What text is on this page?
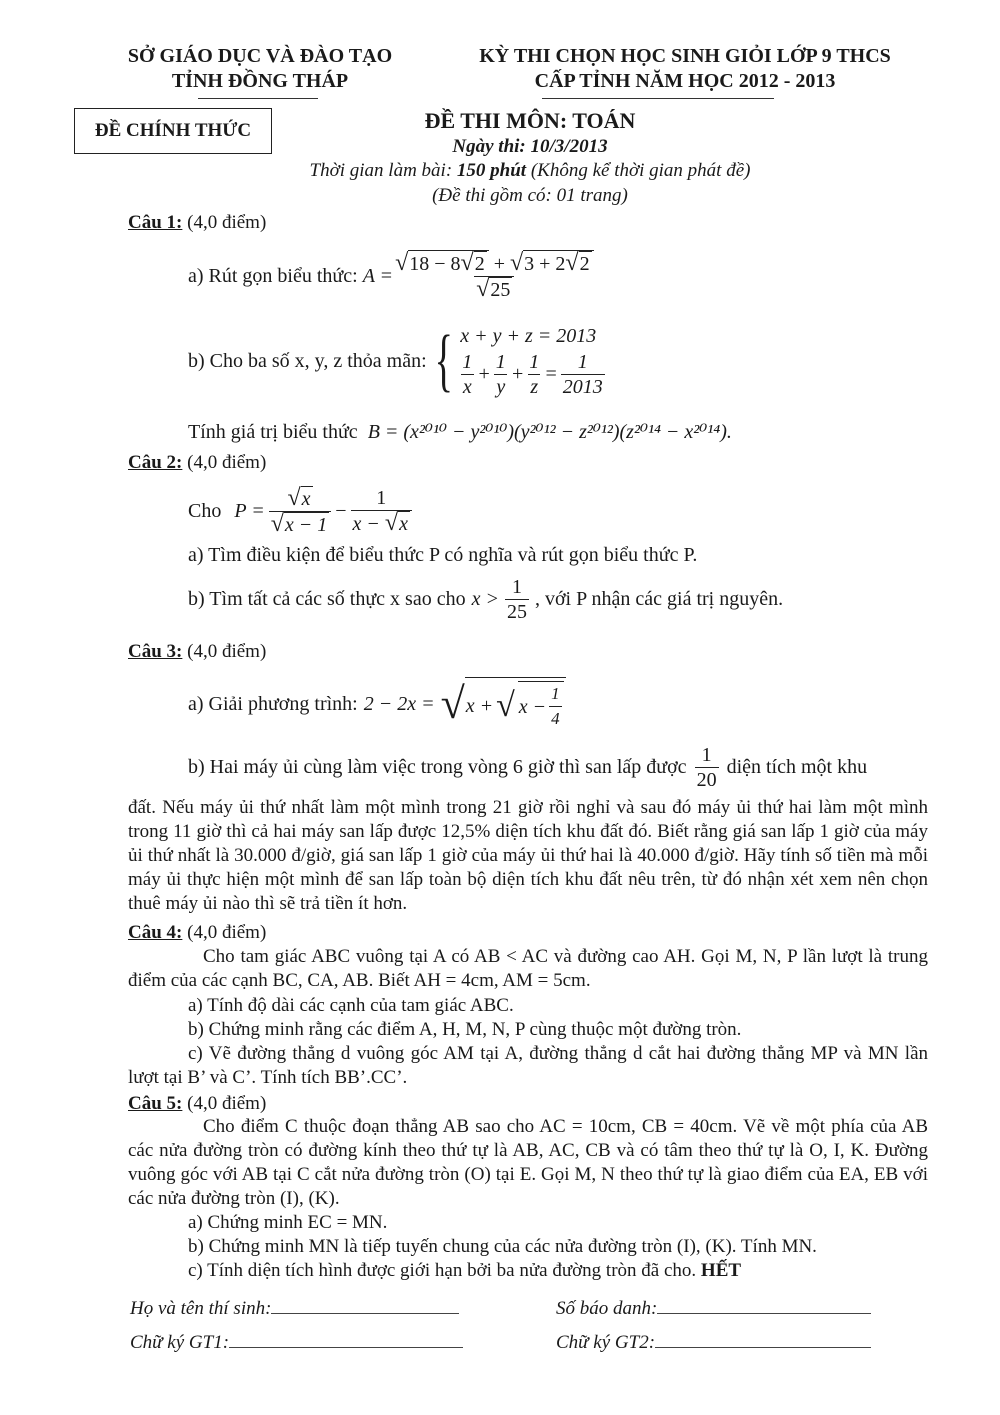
SỞ GIÁO DỤC VÀ ĐÀO TẠO
TỈNH ĐỒNG THÁP
KỲ THI CHỌN HỌC SINH GIỎI LỚP 9 THCS
CẤP TỈNH NĂM HỌC 2012 - 2013
ĐỀ CHÍNH THỨC	ĐỀ THI MÔN: TOÁN
Ngày thi: 10/3/2013
Thời gian làm bài: 150 phút (Không kể thời gian phát đề)
(Đề thi gồm có: 01 trang)
Câu 1: (4,0 điểm)
a) Rút gọn biểu thức:
$A = \frac{√18 - 8√2 + √3 + 2√2}{√25}$
b) Cho ba số x, y, z thỏa mãn: { x + y + z = 2013
$\frac{1}{x} + \frac{1}{y} + \frac{1}{z} = \frac{1}{2013}$
Tính giá trị biểu thức B = (x²⁰¹⁰ − y²⁰¹⁰)(y²⁰¹² − z²⁰¹²)(z²⁰¹⁴ − x²⁰¹⁴).
Câu 2: (4,0 điểm)
Cho
$P = \frac{√x}{√x - 1} - \frac{1}{x - √x}$
a) Tìm điều kiện để biểu thức P có nghĩa và rút gọn biểu thức P.
b) Tìm tất cả các số thực x sao cho $x > \frac{1}{25}$ , với P nhận các giá trị nguyên.
Câu 3: (4,0 điểm)
a) Giải phương trình: 2 − 2x = √ x + √ $x - \frac{1}{4}$
b) Hai máy ủi cùng làm việc trong vòng 6 giờ thì san lấp được $\frac{1}{20}$ diện tích một khu
đất. Nếu máy ủi thứ nhất làm một mình trong 21 giờ rồi nghỉ và sau đó máy ủi thứ hai làm một mình trong 11 giờ thì cả hai máy san lấp được 12,5% diện tích khu đất đó. Biết rằng giá san lấp 1 giờ của máy ủi thứ nhất là 30.000 đ/giờ, giá san lấp 1 giờ của máy ủi thứ hai là 40.000 đ/giờ. Hãy tính số tiền mà mỗi máy ủi thực hiện một mình để san lấp toàn bộ diện tích khu đất nêu trên, từ đó nhận xét xem nên chọn thuê máy ủi nào thì sẽ trả tiền ít hơn.
Câu 4: (4,0 điểm)
Cho tam giác ABC vuông tại A có AB < AC và đường cao AH. Gọi M, N, P lần lượt là trung điểm của các cạnh BC, CA, AB. Biết AH = 4cm, AM = 5cm.
a) Tính độ dài các cạnh của tam giác ABC.
b) Chứng minh rằng các điểm A, H, M, N, P cùng thuộc một đường tròn.
c) Vẽ đường thẳng d vuông góc AM tại A, đường thẳng d cắt hai đường thẳng MP và MN lần lượt tại B’ và C’. Tính tích BB’.CC’.
Câu 5: (4,0 điểm)
Cho điểm C thuộc đoạn thẳng AB sao cho AC = 10cm, CB = 40cm. Vẽ về một phía của AB các nửa đường tròn có đường kính theo thứ tự là AB, AC, CB và có tâm theo thứ tự là O, I, K. Đường vuông góc với AB tại C cắt nửa đường tròn (O) tại E. Gọi M, N theo thứ tự là giao điểm của EA, EB với các nửa đường tròn (I), (K).
a) Chứng minh EC = MN.
b) Chứng minh MN là tiếp tuyến chung của các nửa đường tròn (I), (K). Tính MN.
c) Tính diện tích hình được giới hạn bởi ba nửa đường tròn đã cho. HẾT
Họ và tên thí sinh:	Số báo danh:
Chữ ký GT1:	Chữ ký GT2:
